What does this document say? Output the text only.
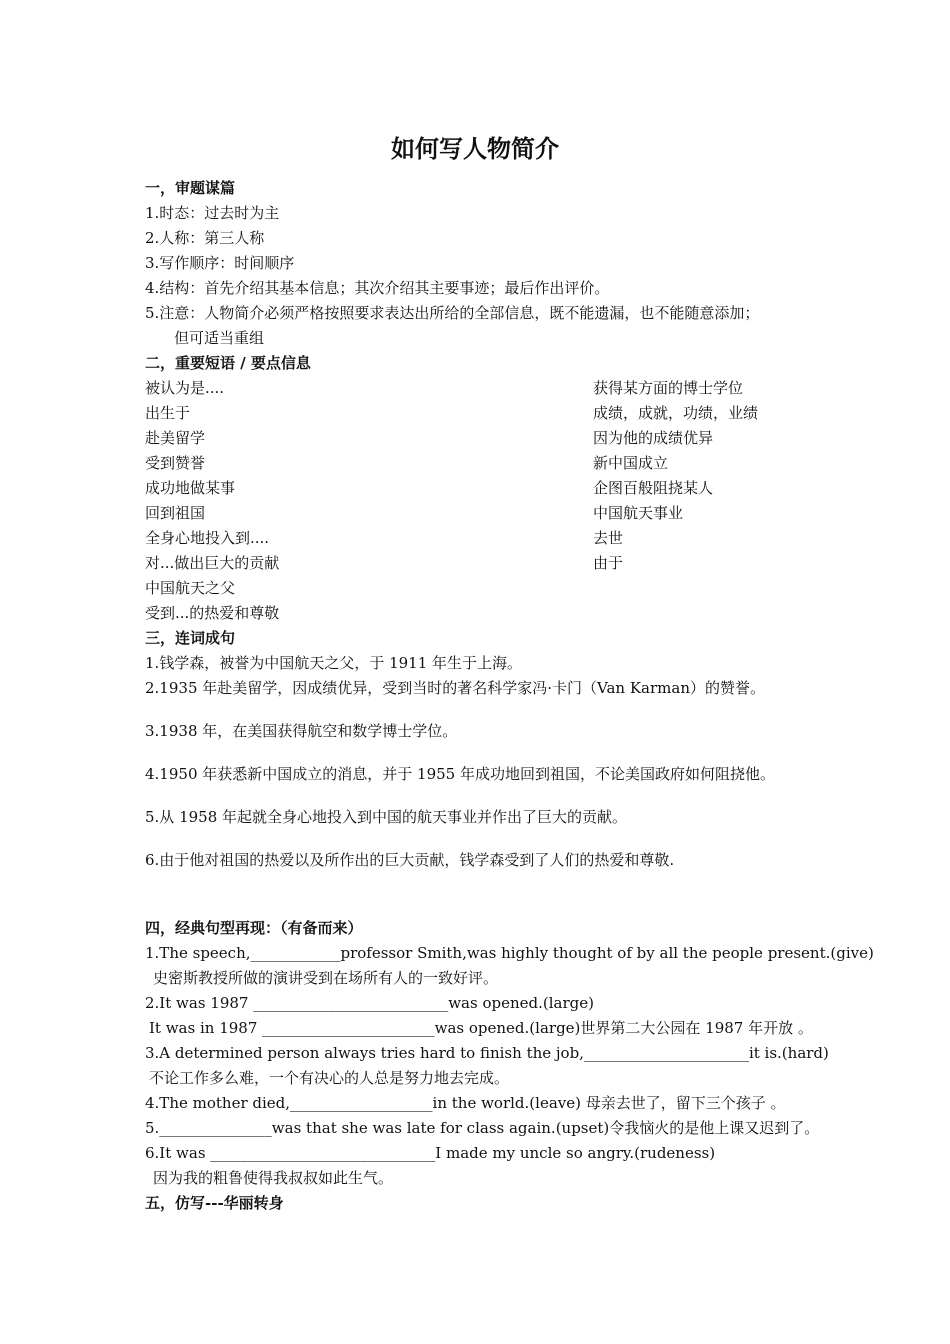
如何写人物简介
一，审题谋篇
1.时态：过去时为主
2.人称：第三人称
3.写作顺序：时间顺序
4.结构：首先介绍其基本信息；其次介绍其主要事迹；最后作出评价。
5.注意：人物简介必须严格按照要求表达出所给的全部信息，既不能遗漏，也不能随意添加；
但可适当重组
二，重要短语 / 要点信息
被认为是....	获得某方面的博士学位
出生于	成绩，成就，功绩，业绩
赴美留学	因为他的成绩优异
受到赞誉	新中国成立
成功地做某事	企图百般阻挠某人
回到祖国	中国航天事业
全身心地投入到....	去世
对...做出巨大的贡献	由于
中国航天之父
受到...的热爱和尊敬
三，连词成句
1.钱学森，被誉为中国航天之父，于 1911 年生于上海。
2.1935 年赴美留学，因成绩优异，受到当时的著名科学家冯·卡门（Van Karman）的赞誉。
3.1938 年，在美国获得航空和数学博士学位。
4.1950 年获悉新中国成立的消息，并于 1955 年成功地回到祖国，不论美国政府如何阻挠他。
5.从 1958 年起就全身心地投入到中国的航天事业并作出了巨大的贡献。
6.由于他对祖国的热爱以及所作出的巨大贡献，钱学森受到了人们的热爱和尊敬.
四，经典句型再现：（有备而来）
1.The speech,____________professor Smith,was highly thought of by all the people present.(give)
史密斯教授所做的演讲受到在场所有人的一致好评。
2.It was 1987 __________________________was opened.(large)
It was in 1987 _______________________was opened.(large)世界第二大公园在 1987 年开放 。
3.A determined person always tries hard to finish the job,______________________it is.(hard)
不论工作多么难，一个有决心的人总是努力地去完成。
4.The mother died,___________________in the world.(leave) 母亲去世了，留下三个孩子 。
5._______________was that she was late for class again.(upset)令我恼火的是他上课又迟到了。
6.It was ______________________________I made my uncle so angry.(rudeness)
因为我的粗鲁使得我叔叔如此生气。
五，仿写---华丽转身
